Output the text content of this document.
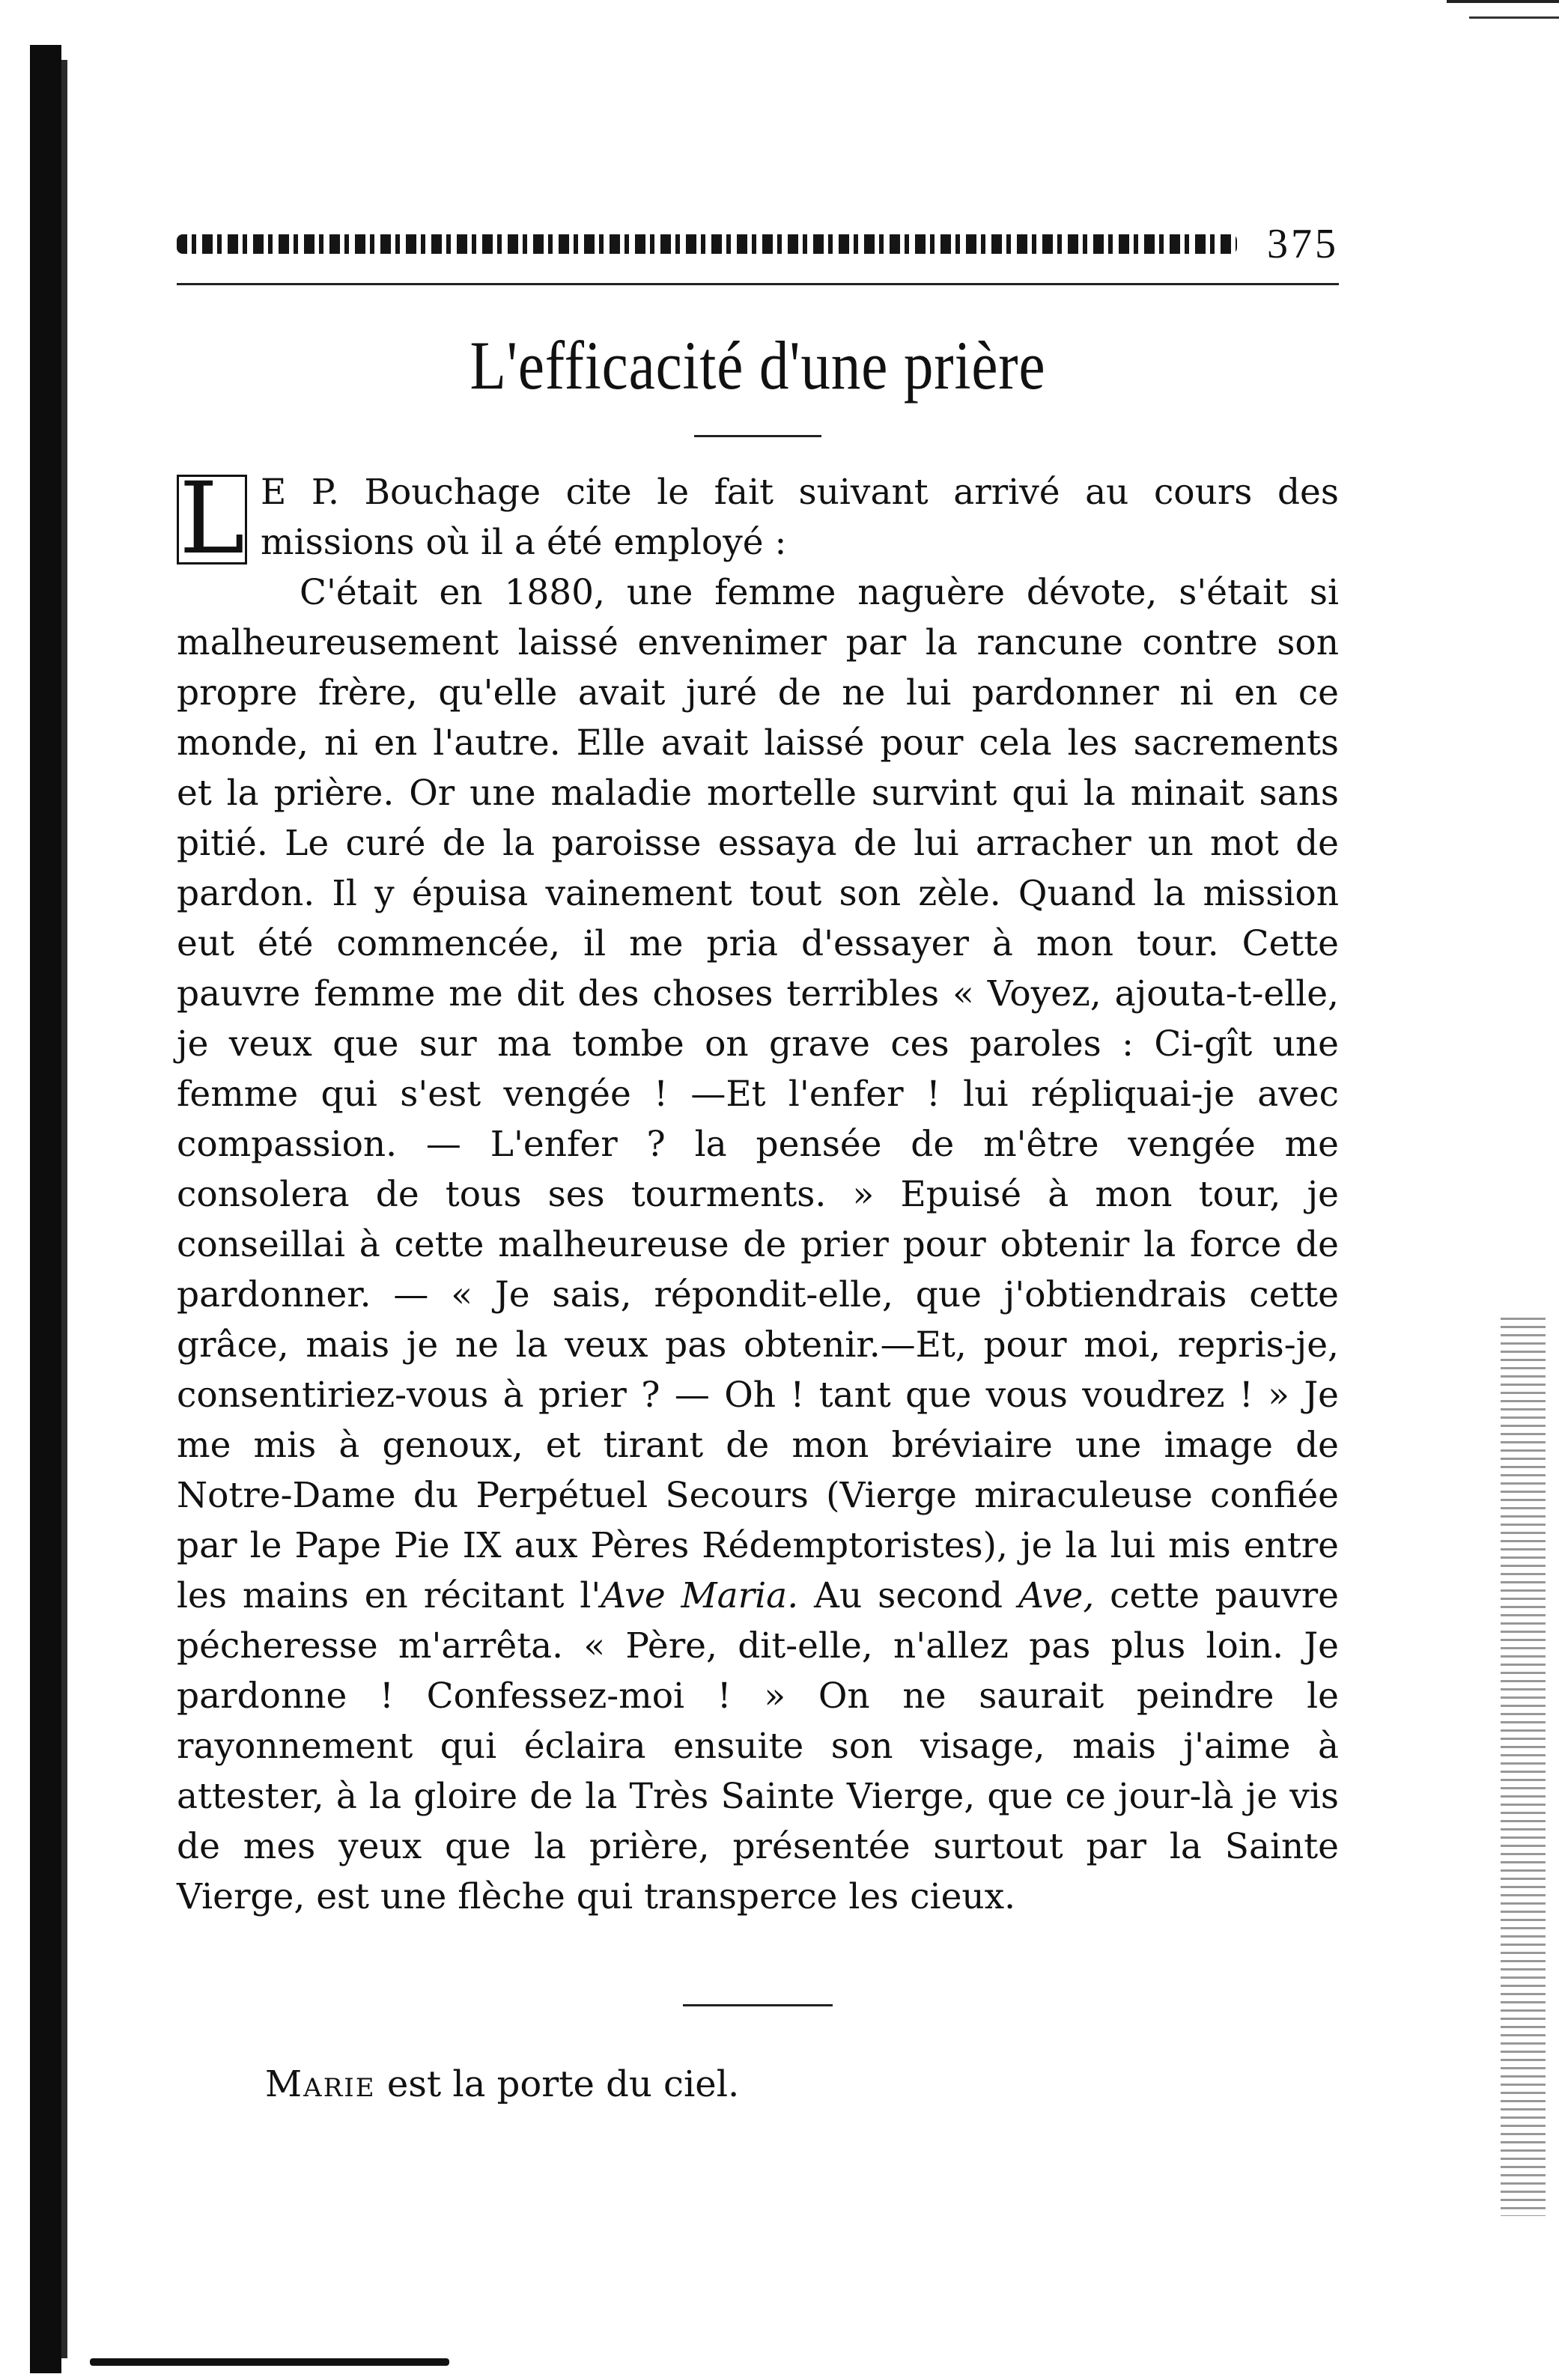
375
L'efficacité d'une prière

L E P. Bouchage cite le fait suivant arrivé au cours des missions où il a été employé :

C'était en 1880, une femme naguère dévote, s'était si malheureusement laissé envenimer par la rancune contre son propre frère, qu'elle avait juré de ne lui pardonner ni en ce monde, ni en l'autre. Elle avait laissé pour cela les sacrements et la prière. Or une maladie mortelle survint qui la minait sans pitié. Le curé de la paroisse essaya de lui arracher un mot de pardon. Il y épuisa vainement tout son zèle. Quand la mission eut été commencée, il me pria d'essayer à mon tour. Cette pauvre femme me dit des choses terribles « Voyez, ajouta-t-elle, je veux que sur ma tombe on grave ces paroles : Ci-gît une femme qui s'est vengée ! —Et l'enfer ! lui répliquai-je avec compassion. — L'enfer ? la pensée de m'être vengée me consolera de tous ses tourments. » Epuisé à mon tour, je conseillai à cette malheureuse de prier pour obtenir la force de pardonner. — « Je sais, répondit-elle, que j'obtiendrais cette grâce, mais je ne la veux pas obtenir.—Et, pour moi, repris-je, consentiriez-vous à prier ? — Oh ! tant que vous voudrez ! » Je me mis à genoux, et tirant de mon bréviaire une image de Notre-Dame du Perpétuel Secours (Vierge miraculeuse confiée par le Pape Pie IX aux Pères Rédemptoristes), je la lui mis entre les mains en récitant l'Ave Maria. Au second Ave, cette pauvre pécheresse m'arrêta. « Père, dit-elle, n'allez pas plus loin. Je pardonne ! Confessez-moi ! » On ne saurait peindre le rayonnement qui éclaira ensuite son visage, mais j'aime à attester, à la gloire de la Très Sainte Vierge, que ce jour-là je vis de mes yeux que la prière, présentée surtout par la Sainte Vierge, est une flèche qui transperce les cieux.

Marie est la porte du ciel.
